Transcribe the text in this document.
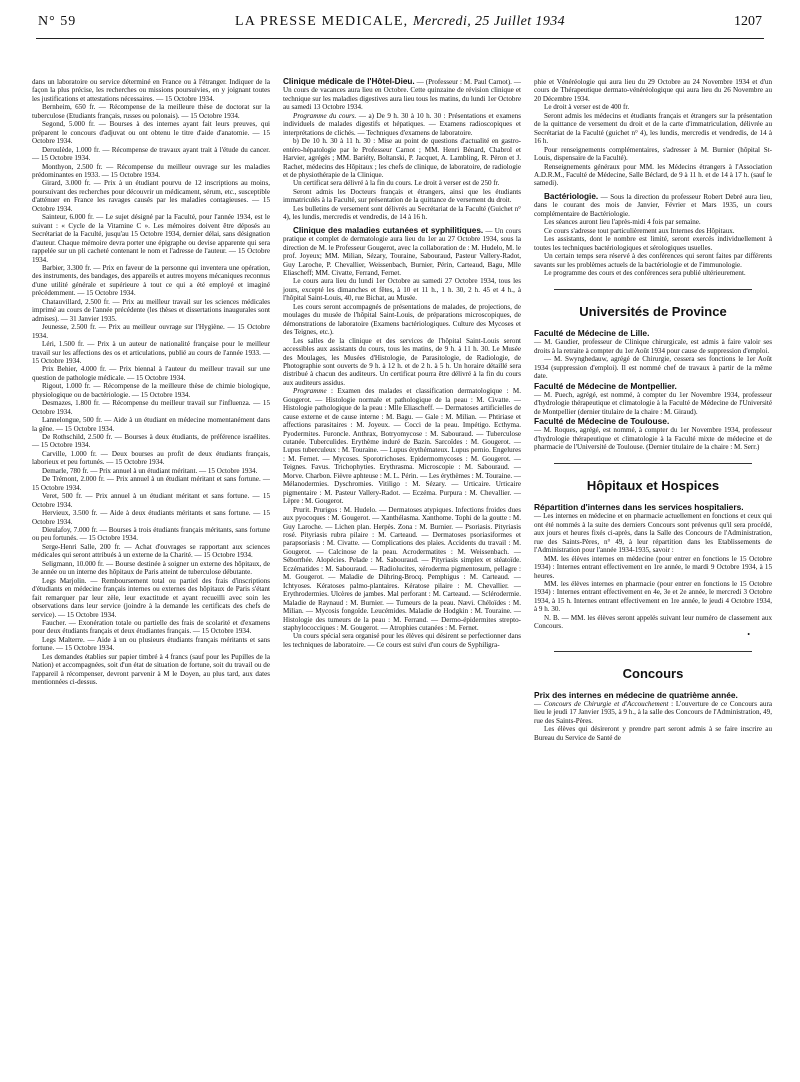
N° 59	LA PRESSE MEDICALE, Mercredi, 25 Juillet 1934	1207

dans un laboratoire ou service déterminé en France ou à l'étranger. Indiquer de la façon la plus précise, les recherches ou missions poursuivies, en y joignant toutes les justifications et attestations nécessaires. — 15 Octobre 1934.

Bernheim, 650 fr. — Récompense de la meilleure thèse de doctorat sur la tuberculose (Etudiants français, russes ou polonais). — 15 Octobre 1934.

Segond, 5.000 fr. — Bourses à des internes ayant fait leurs preuves, qui préparent le concours d'adjuvat ou ont obtenu le titre d'aide d'anatomie. — 15 Octobre 1934.

Deroulède, 1.000 fr. — Récompense de travaux ayant trait à l'étude du cancer. — 15 Octobre 1934.

Monthyon, 2.500 fr. — Récompense du meilleur ouvrage sur les maladies prédominantes en 1933. — 15 Octobre 1934.

Girard, 3.000 fr. — Prix à un étudiant pourvu de 12 inscriptions au moins, poursuivant des recherches pour découvrir un médicament, sérum, etc., susceptible d'atténuer en France les ravages causés par les maladies contagieuses. — 15 Octobre 1934.

Sainteur, 6.000 fr. — Le sujet désigné par la Faculté, pour l'année 1934, est le suivant : « Cycle de la Vitamine C ». Les mémoires doivent être déposés au Secrétariat de la Faculté, jusqu'au 15 Octobre 1934, dernier délai, sans désignation d'auteur. Chaque mémoire devra porter une épigraphe ou devise apparente qui sera rappelée sur un pli cacheté contenant le nom et l'adresse de l'auteur. — 15 Octobre 1934.

Barbier, 3.300 fr. — Prix en faveur de la personne qui inventera une opération, des instruments, des bandages, des appareils et autres moyens mécaniques reconnus d'une utilité générale et supérieure à tout ce qui a été employé et imaginé précédemment. — 15 Octobre 1934.

Chatauvillard, 2.500 fr. — Prix au meilleur travail sur les sciences médicales imprimé au cours de l'année précédente (les thèses et dissertations inaugurales sont admises). — 31 Janvier 1935.

Jeunesse, 2.500 fr. — Prix au meilleur ouvrage sur l'Hygiène. — 15 Octobre 1934.

Léri, 1.500 fr. — Prix à un auteur de nationalité française pour le meilleur travail sur les affections des os et articulations, publié au cours de l'année 1933. — 15 Octobre 1934.

Prix Behier, 4.000 fr. — Prix biennal à l'auteur du meilleur travail sur une question de pathologie médicale. — 15 Octobre 1934.

Rigout, 1.000 fr. — Récompense de la meilleure thèse de chimie biologique, physiologique ou de bactériologie. — 15 Octobre 1934.

Desmazes, 1.800 fr. — Récompense du meilleur travail sur l'influenza. — 15 Octobre 1934.

Lannelongue, 500 fr. — Aide à un étudiant en médecine momentanément dans la gêne. — 15 Octobre 1934.

De Rothschild, 2.500 fr. — Bourses à deux étudiants, de préférence israélites. — 15 Octobre 1934.

Carville, 1.000 fr. — Deux bourses au profit de deux étudiants français, laborieux et peu fortunés. — 15 Octobre 1934.

Demarle, 780 fr. — Prix annuel à un étudiant méritant. — 15 Octobre 1934.

De Trémont, 2.000 fr. — Prix annuel à un étudiant méritant et sans fortune. — 15 Octobre 1934.

Veret, 500 fr. — Prix annuel à un étudiant méritant et sans fortune. — 15 Octobre 1934.

Hervieux, 3.500 fr. — Aide à deux étudiants méritants et sans fortune. — 15 Octobre 1934.

Dieulafoy, 7.000 fr. — Bourses à trois étudiants français méritants, sans fortune ou peu fortunés. — 15 Octobre 1934.

Serge-Henri Salle, 200 fr. — Achat d'ouvrages se rapportant aux sciences médicales qui seront attribués à un externe de la Charité. — 15 Octobre 1934.

Seligmann, 10.000 fr. — Bourse destinée à soigner un externe des hôpitaux, de 3e année ou un interne des hôpitaux de Paris atteint de tuberculose débutante.

Legs Marjolin. — Remboursement total ou partiel des frais d'inscriptions d'étudiants en médecine français internes ou externes des hôpitaux de Paris s'étant fait remarquer par leur zèle, leur exactitude et ayant recueilli avec soin les observations dans leur service (joindre à la demande les certificats des chefs de service). — 15 Octobre 1934.

Faucher. — Exonération totale ou partielle des frais de scolarité et d'examens pour deux étudiants français et deux étudiantes français. — 15 Octobre 1934.

Legs Malterre. — Aide à un ou plusieurs étudiants français méritants et sans fortune. — 15 Octobre 1934.

Les demandes établies sur papier timbré à 4 francs (sauf pour les Pupilles de la Nation) et accompagnées, soit d'un état de situation de fortune, soit du travail ou de l'appareil à récompenser, devront parvenir à M le Doyen, au plus tard, aux dates mentionnées ci-dessus.

Clinique médicale de l'Hôtel-Dieu. — (Professeur : M. Paul Carnot). — Un cours de vacances aura lieu en Octobre. Cette quinzaine de révision clinique et technique sur les maladies digestives aura lieu tous les matins, du lundi 1er Octobre au samedi 13 Octobre 1934.

Programme du cours. — a) De 9 h. 30 à 10 h. 30 : Présentations et examens individuels de malades digestifs et hépatiques. — Examens radioscopiques et interprétations de clichés. — Techniques d'examens de laboratoire.

b) De 10 h. 30 à 11 h. 30 : Mise au point de questions d'actualité en gastro-entéro-hépatologie par le Professeur Carnot ; MM. Henri Bénard, Chabrol et Harvier, agrégés ; MM. Bariéty, Boltanski, P. Jacquet, A. Lambling, R. Péron et J. Rachet, médecins des Hôpitaux ; les chefs de clinique, de laboratoire, de radiologie et de physiothérapie de la Clinique.

Un certificat sera délivré à la fin du cours. Le droit à verser est de 250 fr.

Seront admis les Docteurs français et étrangers, ainsi que les étudiants immatriculés à la Faculté, sur présentation de la quittance de versement du droit.

Les bulletins de versement sont délivrés au Secrétariat de la Faculté (Guichet n° 4), les lundis, mercredis et vendredis, de 14 à 16 h.

Clinique des maladies cutanées et syphilitiques. — Un cours pratique et complet de dermatologie aura lieu du 1er au 27 Octobre 1934, sous la direction de M. le Professeur Gougerot, avec la collaboration de : M. Hudelo, M. le prof. Joyeux; MM. Milian, Sézary, Touraine, Sabouraud, Pasteur Vallery-Radot, Guy Laroche, P. Chevallier, Weissenbach, Burnier, Périn, Carteaud, Bagu, Mlle Eliascheff; MM. Civatte, Ferrand, Fernet.

Le cours aura lieu du lundi 1er Octobre au samedi 27 Octobre 1934, tous les jours, excepté les dimanches et fêtes, à 10 et 11 h., 1 h. 30, 2 h. 45 et 4 h., à l'hôpital Saint-Louis, 40, rue Bichat, au Musée.

Les cours seront accompagnés de présentations de malades, de projections, de moulages du musée de l'hôpital Saint-Louis, de préparations microscopiques, de démonstrations de laboratoire (Examens bactériologiques. Culture des Mycoses et des Teignes, etc.).

Les salles de la clinique et des services de l'hôpital Saint-Louis seront accessibles aux assistants du cours, tous les matins, de 9 h. à 11 h. 30. Le Musée des Moulages, les Musées d'Histologie, de Parasitologie, de Radiologie, de Photographie sont ouverts de 9 h. à 12 h. et de 2 h. à 5 h. Un horaire détaillé sera distribué à chacun des auditeurs. Un certificat pourra être délivré à la fin du cours aux auditeurs assidus.

Programme : Examen des malades et classification dermatologique : M. Gougerot. — Histologie normale et pathologique de la peau : M. Civatte. — Histologie pathologique de la peau : Mlle Eliascheff. — Dermatoses artificielles de cause externe et de cause interne : M. Bagu. — Gale : M. Milian. — Phtiriase et affections parasitaires : M. Joyeux. — Cocci de la peau. Impétigo. Ecthyma. Pyodermites. Furoncle. Anthrax, Botryomycose : M. Sabouraud. — Tuberculose cutanée. Tuberculides. Erythème induré de Bazin. Sarcoïdes : M. Gougerot. — Lupus tuberculeux : M. Touraine. — Lupus érythémateux. Lupus pernio. Engelures : M. Fernet. — Mycoses. Sporotrichoses. Epidermomycoses : M. Gougerot. — Teignes. Favus. Trichophyties. Erythrasma. Microscopie : M. Sabouraud. — Morve. Charbon. Fièvre aphteuse : M. L. Périn. — Les érythèmes : M. Touraine. — Mélanodermies. Dyschromies. Vitiligo : M. Sézary. — Urticaire. Urticaire pigmentaire : M. Pasteur Vallery-Radot. — Eczéma. Purpura : M. Chevallier. — Lèpre : M. Gougerot.

Prurit. Prurigos : M. Hudelo. — Dermatoses atypiques. Infections froides dues aux pyocoques : M. Gougerot. — Xanthélasma. Xanthome. Tophi de la goutte : M. Guy Laroche. — Lichen plan. Herpès. Zona : M. Burnier. — Psoriasis. Pityriasis rosé. Pityriasis rubra pilaire : M. Carteaud. — Dermatoses psoriasiformes et parapsoriasis : M. Civatte. — Complications des plaies. Accidents du travail : M. Gougerot. — Calcinose de la peau. Acrodermatites : M. Weissenbach. — Séborrhée. Alopécies. Pelade : M. Sabouraud. — Pityriasis simplex et stéatoïde. Eczématides : M. Sabouraud. — Radiolucites, xéroderma pigmentosum, pellagre : M. Gougerot. — Maladie de Dühring-Brocq. Pemphigus : M. Carteaud. — Ichtyoses. Kératoses palmo-plantaires. Kératose pilaire : M. Chevallier. — Erythrodermies. Ulcères de jambes. Mal perforant : M. Carteaud. — Sclérodermie. Maladie de Raynaud : M. Burnier. — Tumeurs de la peau. Nævi. Chéloïdes : M. Milian. — Mycosis fongoïde. Leucémides. Maladie de Hodgkin : M. Touraine. — Histologie des tumeurs de la peau : M. Ferrand. — Dermo-épidermites strepto-staphylococciques : M. Gougerot. — Atrophies cutanées : M. Fernet.

Un cours spécial sera organisé pour les élèves qui désirent se perfectionner dans les techniques de laboratoire. — Ce cours est suivi d'un cours de Syphiligra-

phie et Vénéréologie qui aura lieu du 29 Octobre au 24 Novembre 1934 et d'un cours de Thérapeutique dermato-vénéréologique qui aura lieu du 26 Novembre au 20 Décembre 1934.

Le droit à verser est de 400 fr.

Seront admis les médecins et étudiants français et étrangers sur la présentation de la quittance de versement du droit et de la carte d'immatriculation, délivrée au Secrétariat de la Faculté (guichet n° 4), les lundis, mercredis et vendredis, de 14 à 16 h.

Pour renseignements complémentaires, s'adresser à M. Burnier (hôpital St-Louis, dispensaire de la Faculté).

Renseignements généraux pour MM. les Médecins étrangers à l'Association A.D.R.M., Faculté de Médecine, Salle Béclard, de 9 à 11 h. et de 14 à 17 h. (sauf le samedi).

Bactériologie. — Sous la direction du professeur Robert Debré aura lieu, dans le courant des mois de Janvier, Février et Mars 1935, un cours complémentaire de Bactériologie.

Les séances auront lieu l'après-midi 4 fois par semaine.

Ce cours s'adresse tout particulièrement aux Internes des Hôpitaux.

Les assistants, dont le nombre est limité, seront exercés individuellement à toutes les techniques bactériologiques et sérologiques usuelles.

Un certain temps sera réservé à des conférences qui seront faites par différents savants sur les problèmes actuels de la bactériologie et de l'immunologie.

Le programme des cours et des conférences sera publié ultérieurement.

Universités de Province

Faculté de Médecine de Lille.

— M. Gaudier, professeur de Clinique chirurgicale, est admis à faire valoir ses droits à la retraite à compter du 1er Août 1934 pour cause de suppression d'emploi.

— M. Swynghedauw, agrégé de Chirurgie, cessera ses fonctions le 1er Août 1934 (suppression d'emploi). Il est nommé chef de travaux à partir de la même date.

Faculté de Médecine de Montpellier.

— M. Puech, agrégé, est nommé, à compter du 1er Novembre 1934, professeur d'hydrologie thérapeutique et climatologie à la Faculté de Médecine de l'Université de Montpellier (dernier titulaire de la chaire : M. Giraud).

Faculté de Médecine de Toulouse.

— M. Roques, agrégé, est nommé, à compter du 1er Novembre 1934, professeur d'hydrologie thérapeutique et climatologie à la Faculté mixte de médecine et de pharmacie de l'Université de Toulouse. (Dernier titulaire de la chaire : M. Serr.)

Hôpitaux et Hospices

Répartition d'internes dans les services hospitaliers.

— Les internes en médecine et en pharmacie actuellement en fonctions et ceux qui ont été nommés à la suite des derniers Concours sont prévenus qu'il sera procédé, aux jours et heures fixés ci-après, dans la Salle des Concours de l'Administration, rue des Saints-Pères, n° 49, à leur répartition dans les Etablissements de l'Administration pour l'année 1934-1935, savoir :

MM. les élèves internes en médecine (pour entrer en fonctions le 15 Octobre 1934) : Internes entrant effectivement en 1re année, le mardi 9 Octobre 1934, à 15 heures.

MM. les élèves internes en pharmacie (pour entrer en fonctions le 15 Octobre 1934) : Internes entrant effectivement en 4e, 3e et 2e année, le mercredi 3 Octobre 1934, à 15 h. Internes entrant effectivement en 1re année, le jeudi 4 Octobre 1934, à 9 h. 30.

N. B. — MM. les élèves seront appelés suivant leur numéro de classement aux Concours.

•
Concours

Prix des internes en médecine de quatrième année.

— Concours de Chirurgie et d'Accouchement : L'ouverture de ce Concours aura lieu le jeudi 17 Janvier 1935, à 9 h., à la salle des Concours de l'Administration, 49, rue des Saints-Pères.

Les élèves qui désireront y prendre part seront admis à se faire inscrire au Bureau du Service de Santé de
